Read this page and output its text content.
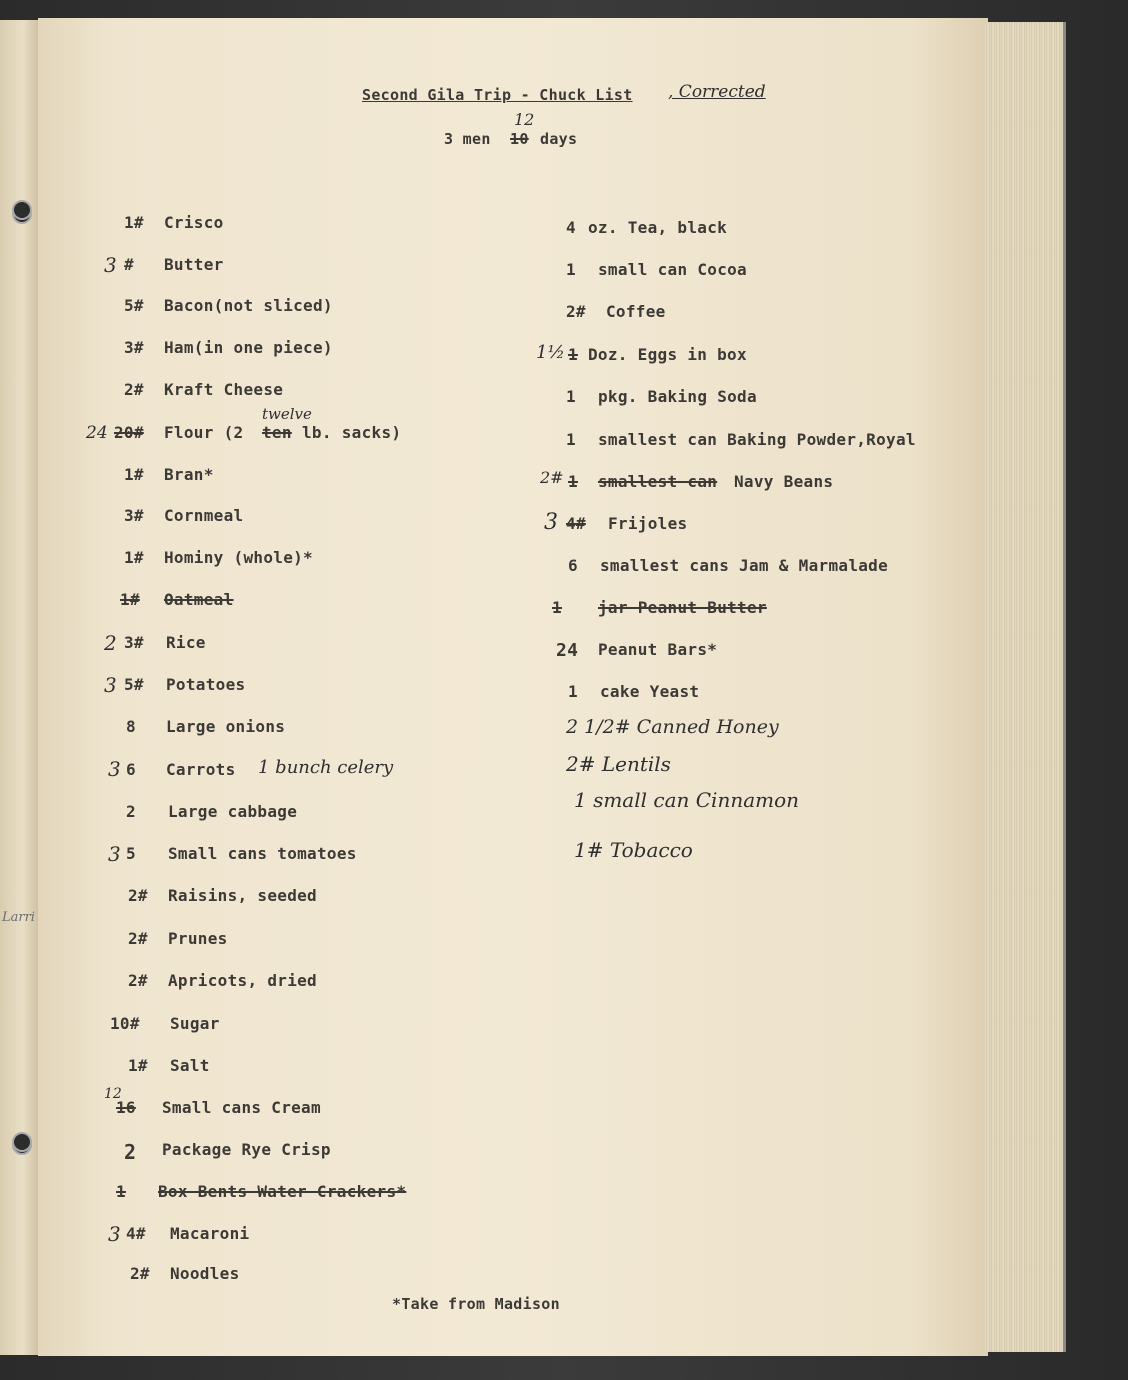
Larri
Second Gila Trip - Chuck List , Corrected
3 men 10
12
days
1# Crisco
3 # Butter
5# Bacon(not sliced)
3# Ham(in one piece)
2# Kraft Cheese
24 20# Flour (2 ten
twelve
lb. sacks)
1# Bran*
3# Cornmeal
1# Hominy (whole)*
1# Oatmeal
2 3# Rice
3 5# Potatoes
8 Large onions
3 6 Carrots 1 bunch celery
2 Large cabbage
3 5 Small cans tomatoes
2# Raisins, seeded
2# Prunes
2# Apricots, dried
10# Sugar
1# Salt
12
16 Small cans Cream
2 Package Rye Crisp
1 Box Bents Water Crackers*
3 4# Macaroni
2# Noodles
4 oz. Tea, black
1 small can Cocoa
2# Coffee
1½ 1 Doz. Eggs in box
1 pkg. Baking Soda
1 smallest can Baking Powder,Royal
2# 1 smallest can Navy Beans
3 4# Frijoles
6 smallest cans Jam & Marmalade
1 jar Peanut Butter
24 Peanut Bars*
1 cake Yeast
2 1/2# Canned Honey
2# Lentils
1 small can Cinnamon
1# Tobacco
*Take from Madison
